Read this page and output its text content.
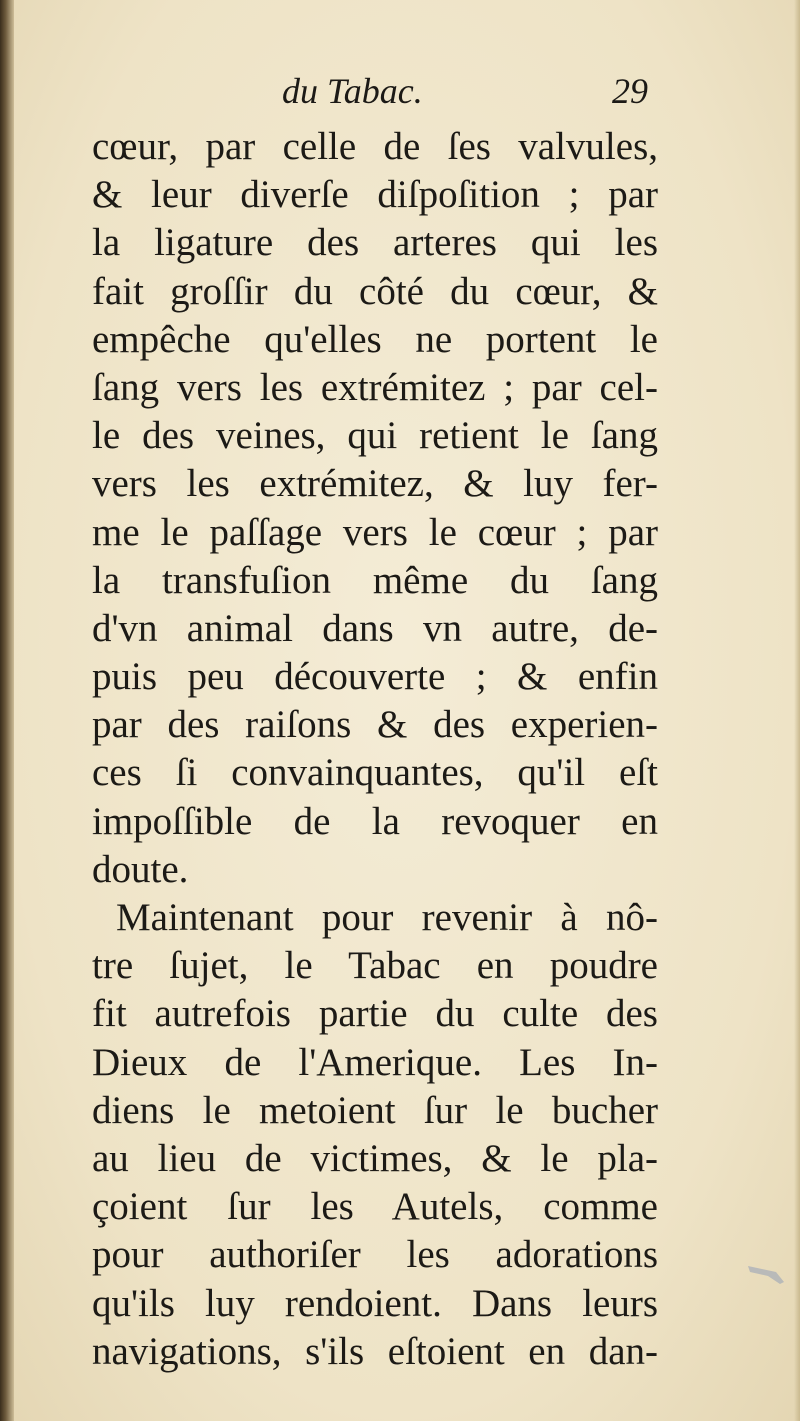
du Tabac.	29
cœur, par celle de ſes valvules,
& leur diverſe diſpoſition ; par
la ligature des arteres qui les
fait groſſir du côté du cœur, &
empêche qu'elles ne portent le
ſang vers les extrémitez ; par cel-
le des veines, qui retient le ſang
vers les extrémitez, & luy fer-
me le paſſage vers le cœur ; par
la transfuſion même du ſang
d'vn animal dans vn autre, de-
puis peu découverte ; & enfin
par des raiſons & des experien-
ces ſi convainquantes, qu'il eſt
impoſſible de la revoquer en
doute.
Maintenant pour revenir à nô-
tre ſujet, le Tabac en poudre
fit autrefois partie du culte des
Dieux de l'Amerique. Les In-
diens le metoient ſur le bucher
au lieu de victimes, & le pla-
çoient ſur les Autels, comme
pour authoriſer les adorations
qu'ils luy rendoient. Dans leurs
navigations, s'ils eſtoient en dan-
